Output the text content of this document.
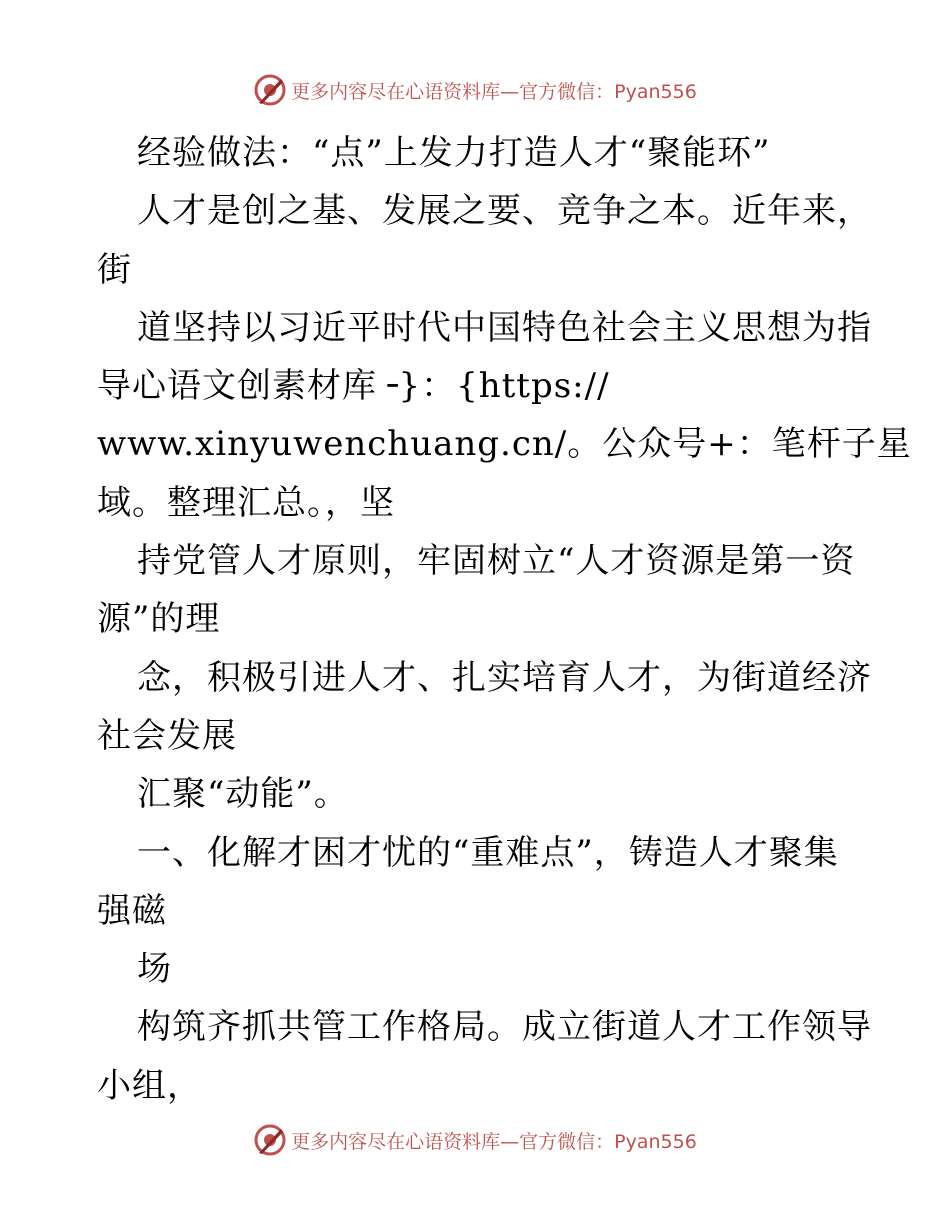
更多内容尽在心语资料库—官方微信：Pyan556
经验做法：“点”上发力打造人才“聚能环”
人才是创之基、发展之要、竞争之本。近年来，
街
道坚持以习近平时代中国特色社会主义思想为指
导心语文创素材库╶}：{https://
www.xinyuwenchuang.cn/。公众号+：笔杆子星
域。整理汇总。，坚
持党管人才原则，牢固树立“人才资源是第一资
源”的理
念，积极引进人才、扎实培育人才，为街道经济
社会发展
汇聚“动能”。
一、化解才困才忧的“重难点”，铸造人才聚集
强磁
场
构筑齐抓共管工作格局。成立街道人才工作领导
小组，
更多内容尽在心语资料库—官方微信：Pyan556
